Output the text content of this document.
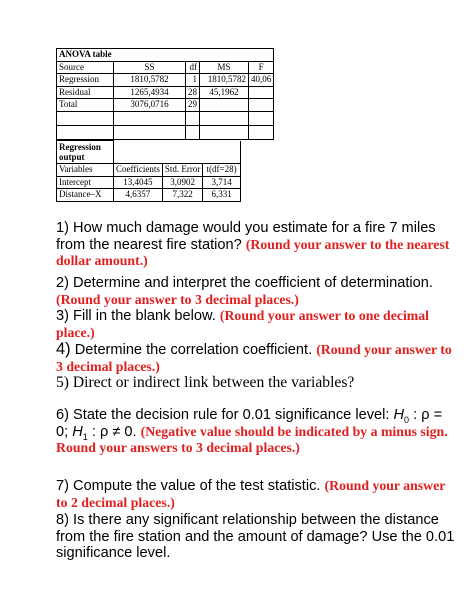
ANOVA table				
Source	SS	df	MS	F
Regression	1810,5782	1	1810,5782	40,06
Residual	1265,4934	28	45,1962	
Total	3076,0716	29		

Regression output			
Variables	Coefficients	Std. Error	t(df=28)
Intercept	13,4045	3,0902	3,714
Distance–X	4,6357	7,322	6,331
1) How much damage would you estimate for a fire 7 miles from the nearest fire station? (Round your answer to the nearest dollar amount.)
2) Determine and interpret the coefficient of determination. (Round your answer to 3 decimal places.)
3) Fill in the blank below. (Round your answer to one decimal place.)
4) Determine the correlation coefficient. (Round your answer to 3 decimal places.)
5) Direct or indirect link between the variables?
6) State the decision rule for 0.01 significance level: $H_0$ : ρ = 0; $H_1$ : ρ ≠ 0. (Negative value should be indicated by a minus sign. Round your answers to 3 decimal places.)
7) Compute the value of the test statistic. (Round your answer to 2 decimal places.)
8) Is there any significant relationship between the distance from the fire station and the amount of damage? Use the 0.01 significance level.
